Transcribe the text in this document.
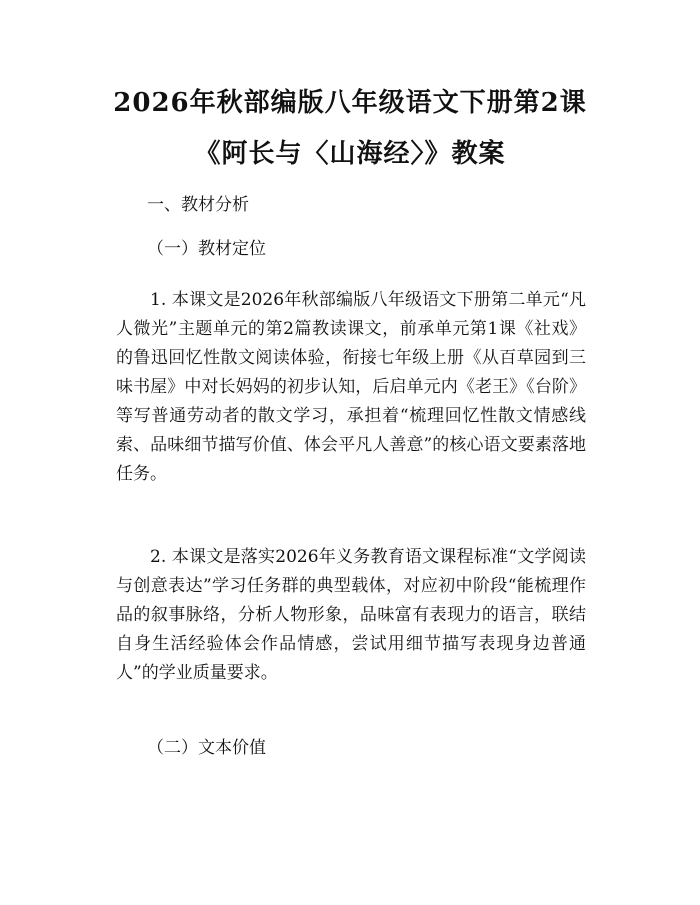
2026年秋部编版八年级语文下册第2课《阿长与〈山海经〉》教案

一、教材分析

（一）教材定位

1. 本课文是2026年秋部编版八年级语文下册第二单元“凡人微光”主题单元的第2篇教读课文，前承单元第1课《社戏》的鲁迅回忆性散文阅读体验，衔接七年级上册《从百草园到三味书屋》中对长妈妈的初步认知，后启单元内《老王》《台阶》等写普通劳动者的散文学习，承担着“梳理回忆性散文情感线索、品味细节描写价值、体会平凡人善意”的核心语文要素落地任务。

2. 本课文是落实2026年义务教育语文课程标准“文学阅读与创意表达”学习任务群的典型载体，对应初中阶段“能梳理作品的叙事脉络，分析人物形象，品味富有表现力的语言，联结自身生活经验体会作品情感，尝试用细节描写表现身边普通人”的学业质量要求。

（二）文本价值
